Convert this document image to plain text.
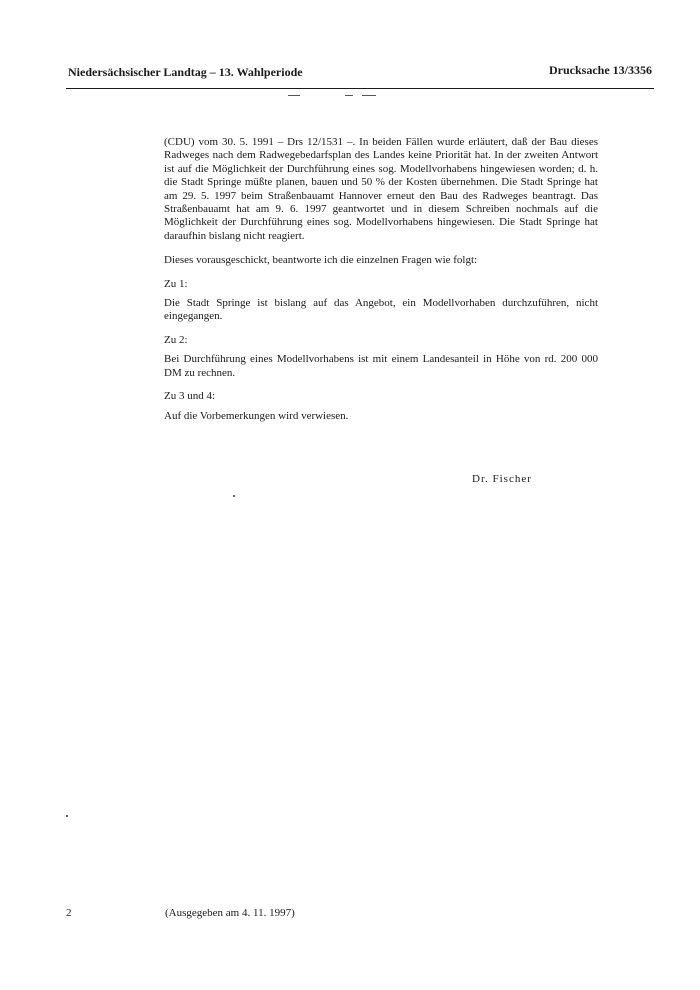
Niedersächsischer Landtag – 13. Wahlperiode	Drucksache 13/3356

(CDU) vom 30. 5. 1991 – Drs 12/1531 –. In beiden Fällen wurde erläutert, daß der Bau dieses Radweges nach dem Radwegebedarfsplan des Landes keine Priorität hat. In der zweiten Antwort ist auf die Möglichkeit der Durchführung eines sog. Modellvorhabens hingewiesen worden; d. h. die Stadt Springe müßte planen, bauen und 50 % der Kosten übernehmen. Die Stadt Springe hat am 29. 5. 1997 beim Straßenbauamt Hannover erneut den Bau des Radweges beantragt. Das Straßenbauamt hat am 9. 6. 1997 geantwortet und in diesem Schreiben nochmals auf die Möglichkeit der Durchführung eines sog. Modellvorhabens hingewiesen. Die Stadt Springe hat daraufhin bislang nicht reagiert.

Dieses vorausgeschickt, beantworte ich die einzelnen Fragen wie folgt:

Zu 1:

Die Stadt Springe ist bislang auf das Angebot, ein Modellvorhaben durchzuführen, nicht eingegangen.

Zu 2:

Bei Durchführung eines Modellvorhabens ist mit einem Landesanteil in Höhe von rd. 200 000 DM zu rechnen.

Zu 3 und 4:

Auf die Vorbemerkungen wird verwiesen.

Dr. Fischer
2	(Ausgegeben am 4. 11. 1997)
